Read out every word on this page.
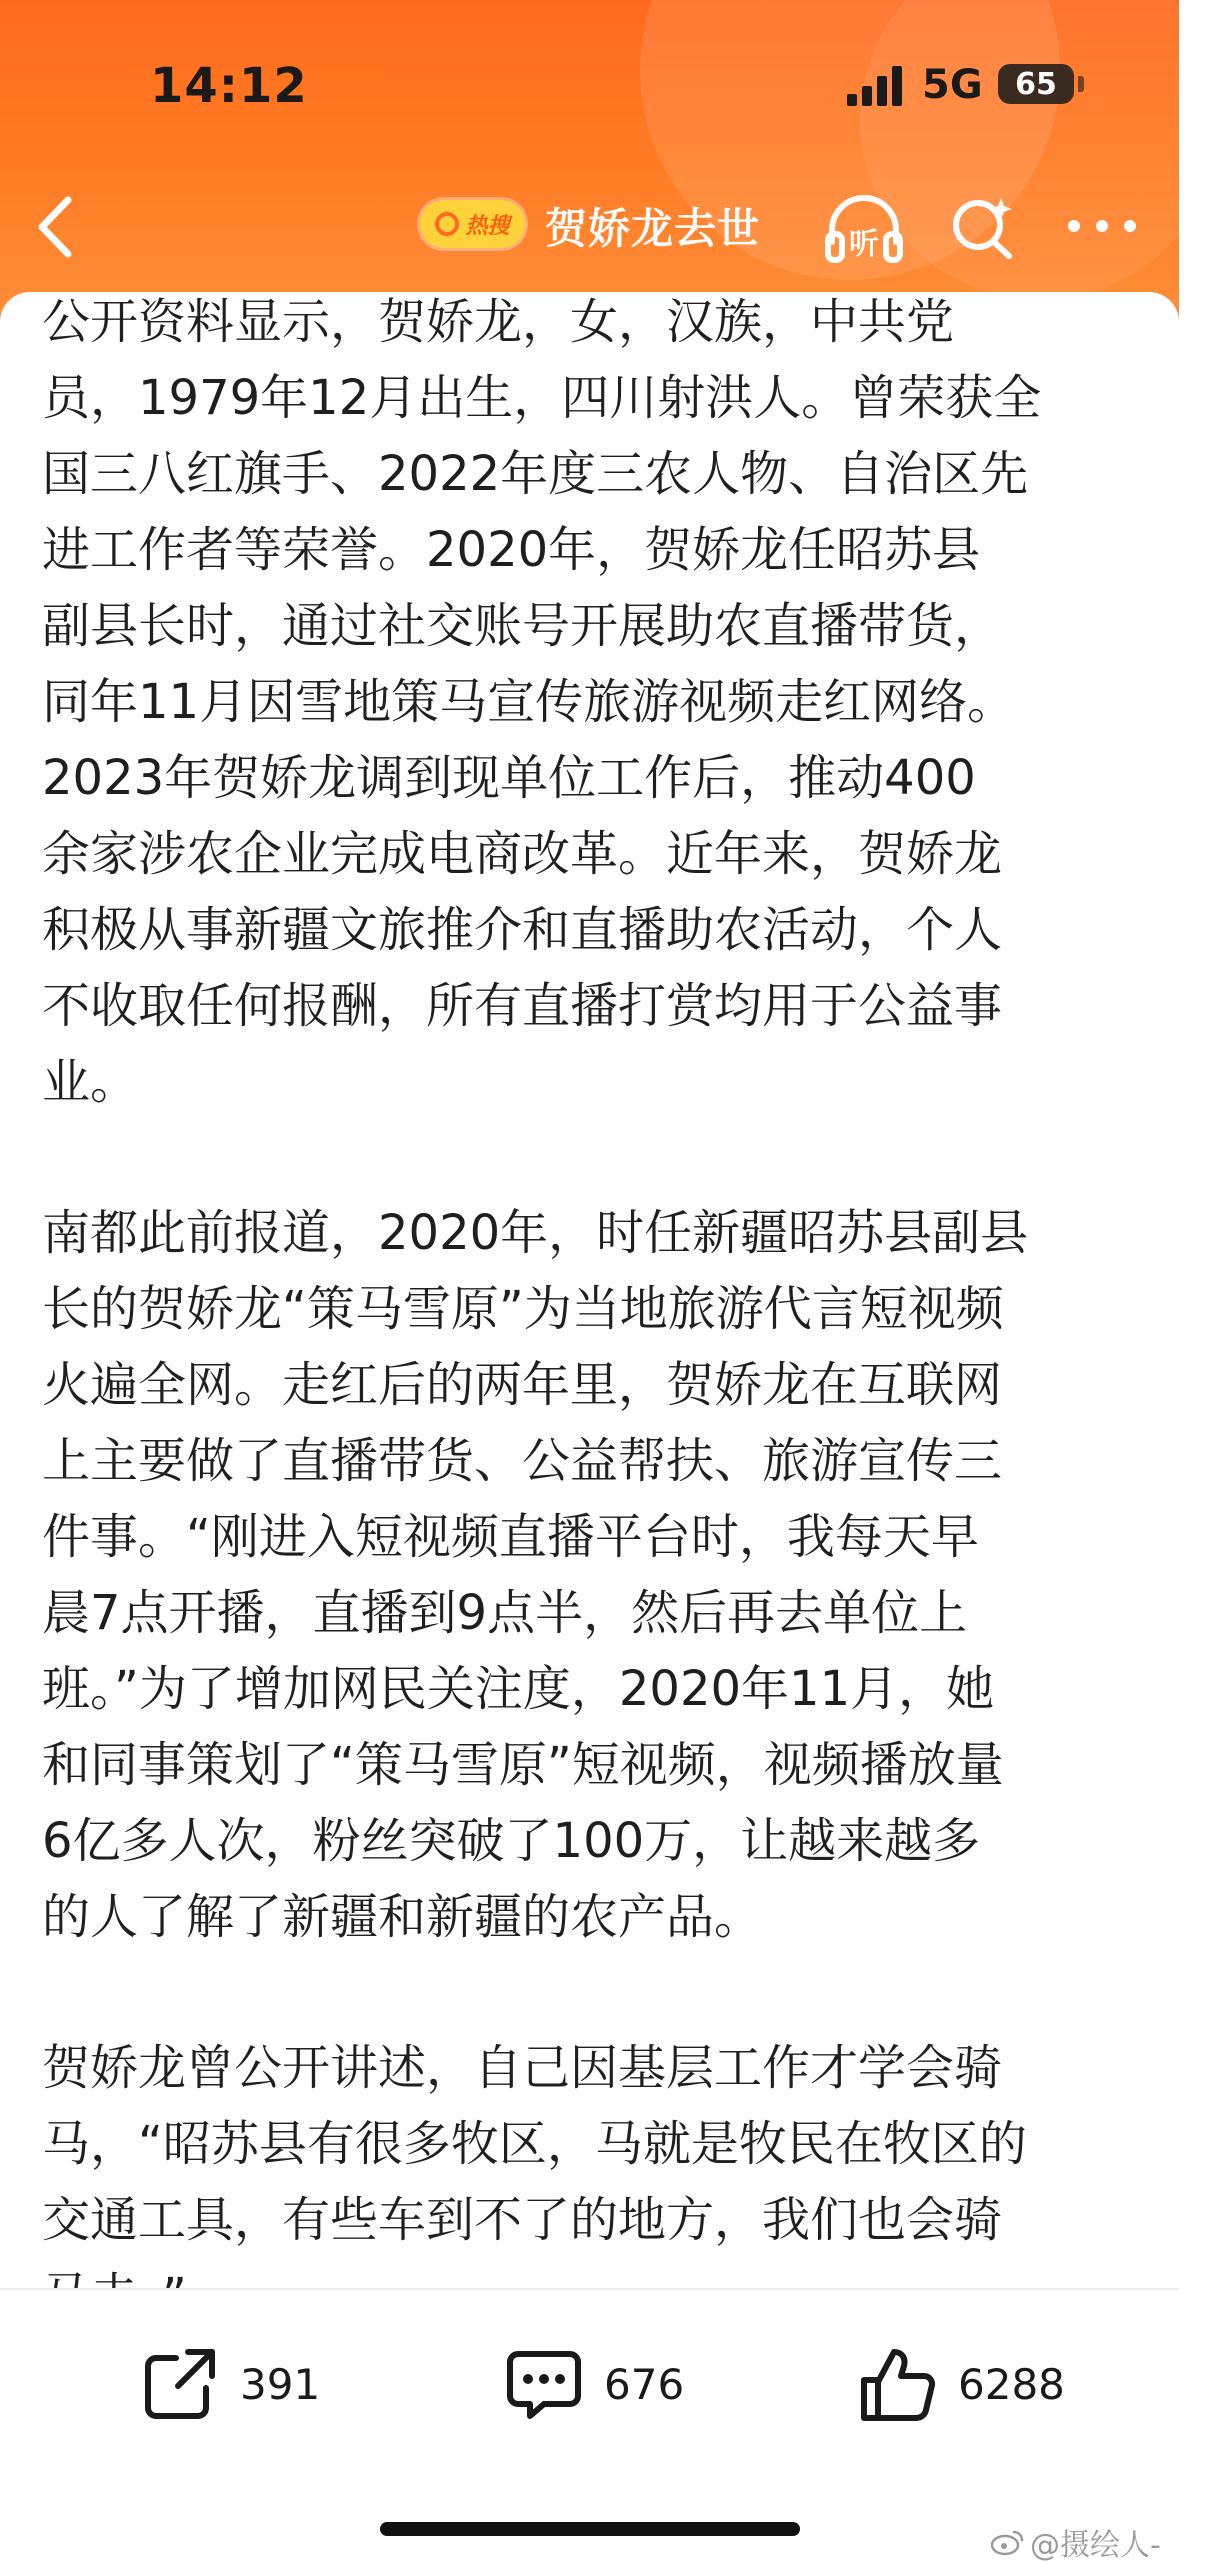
14:12	5G 65
热搜 贺娇龙去世	听

公开资料显示，贺娇龙，女，汉族，中共党
员，1979年12月出生，四川射洪人。曾荣获全
国三八红旗手、2022年度三农人物、自治区先
进工作者等荣誉。2020年，贺娇龙任昭苏县
副县长时，通过社交账号开展助农直播带货，
同年11月因雪地策马宣传旅游视频走红网络。
2023年贺娇龙调到现单位工作后，推动400
余家涉农企业完成电商改革。近年来，贺娇龙
积极从事新疆文旅推介和直播助农活动，个人
不收取任何报酬，所有直播打赏均用于公益事
业。

南都此前报道，2020年，时任新疆昭苏县副县
长的贺娇龙“策马雪原”为当地旅游代言短视频
火遍全网。走红后的两年里，贺娇龙在互联网
上主要做了直播带货、公益帮扶、旅游宣传三
件事。“刚进入短视频直播平台时，我每天早
晨7点开播，直播到9点半，然后再去单位上
班。”为了增加网民关注度，2020年11月，她
和同事策划了“策马雪原”短视频，视频播放量
6亿多人次，粉丝突破了100万，让越来越多
的人了解了新疆和新疆的农产品。

贺娇龙曾公开讲述，自己因基层工作才学会骑
马，“昭苏县有很多牧区，马就是牧民在牧区的
交通工具，有些车到不了的地方，我们也会骑

391	676	6288
@摄绘人-
